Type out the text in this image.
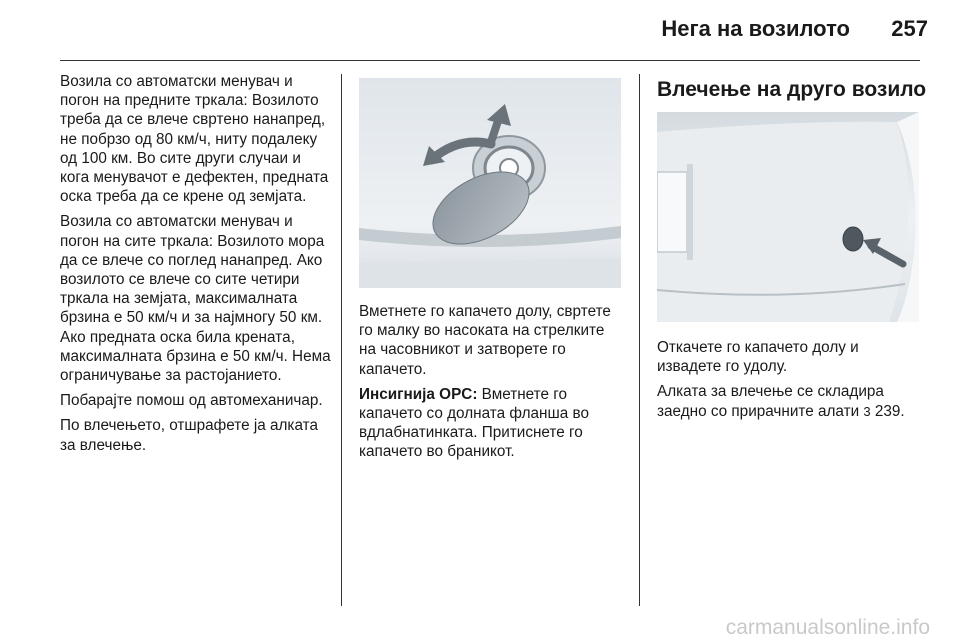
Нега на возилото	257

Возила со автоматски менувач и погон на предните тркала: Возилото треба да се влече свртено нанапред, не побрзо од 80 км/ч, ниту подалеку од 100 км. Во сите други случаи и кога менувачот е дефектен, предната оска треба да се крене од земјата.

Возила со автоматски менувач и погон на сите тркала: Возилото мора да се влече со поглед нанапред. Ако возилото се влече со сите четири тркала на земјата, максималната брзина е 50 км/ч и за најмногу 50 км. Ако предната оска била кренатa, максималната брзина е 50 км/ч. Нема ограничување за растојанието.

Побарајте помош од автомеханичар.

По влечењето, отшрафете ја алката за влечење.

Вметнете го капачето долу, свртете го малку во насоката на стрелките на часовникот и затворете го капачето.

Инсигнија OPC: Вметнете го капачето со долната фланша во вдлабнатинката. Притиснете го капачето во браникот.

Влечење на друго возило

Откачете го капачето долу и извадете го удолу.

Алката за влечење се складира заедно со прирачните алати 3 239.

carmanualsonline.info
